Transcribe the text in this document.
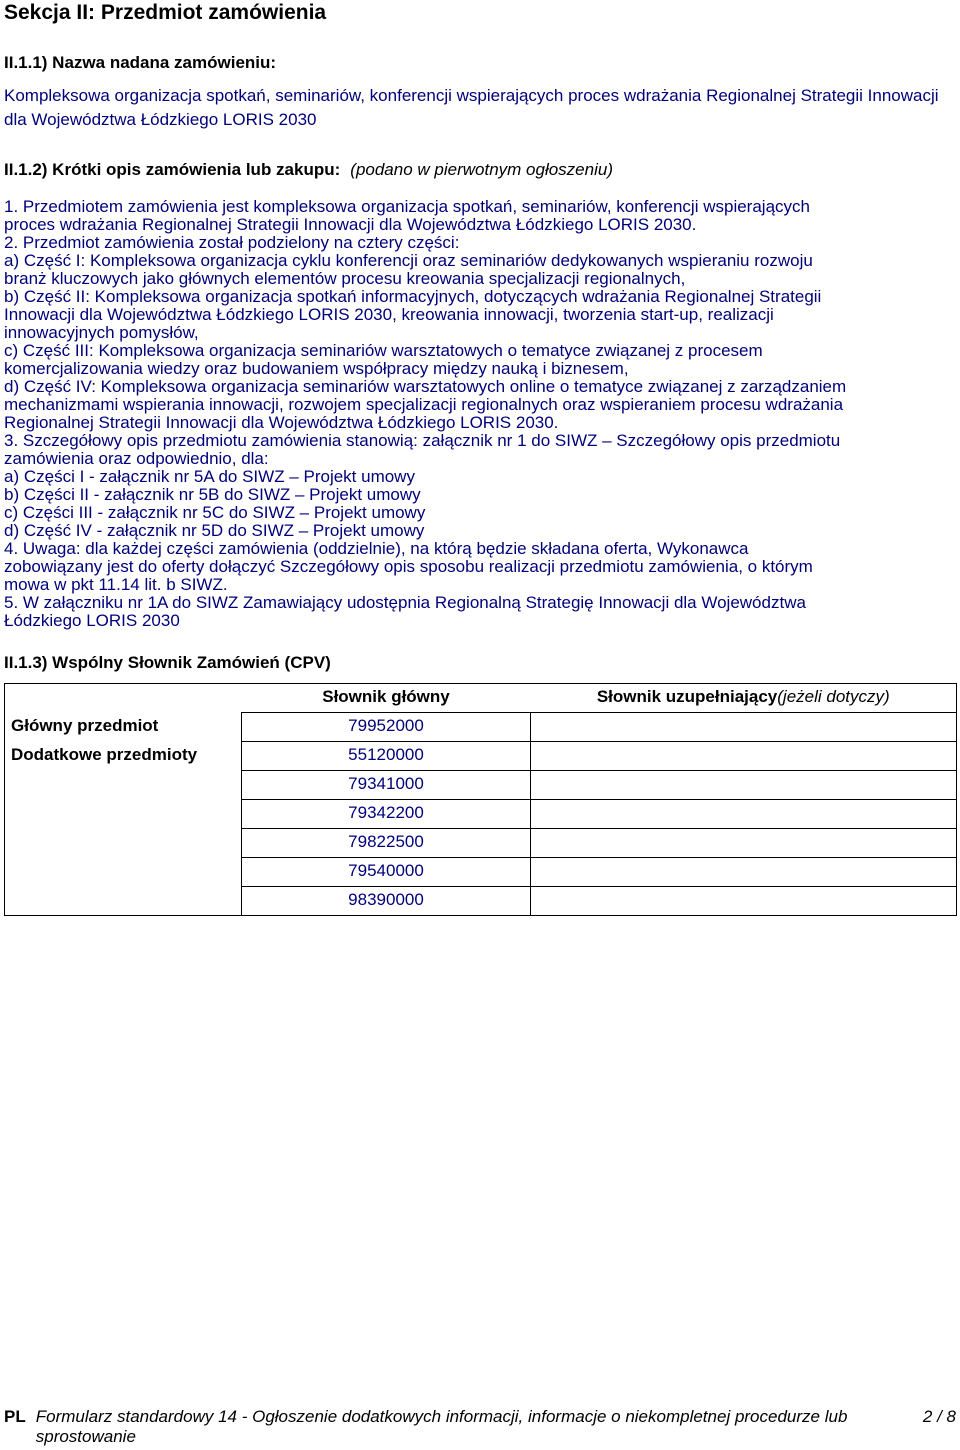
Sekcja II: Przedmiot zamówienia
II.1.1) Nazwa nadana zamówieniu:
Kompleksowa organizacja spotkań, seminariów, konferencji wspierających proces wdrażania Regionalnej Strategii Innowacji dla Województwa Łódzkiego LORIS 2030
II.1.2) Krótki opis zamówienia lub zakupu: (podano w pierwotnym ogłoszeniu)
1. Przedmiotem zamówienia jest kompleksowa organizacja spotkań, seminariów, konferencji wspierających
proces wdrażania Regionalnej Strategii Innowacji dla Województwa Łódzkiego LORIS 2030.
2. Przedmiot zamówienia został podzielony na cztery części:
a) Część I: Kompleksowa organizacja cyklu konferencji oraz seminariów dedykowanych wspieraniu rozwoju
branż kluczowych jako głównych elementów procesu kreowania specjalizacji regionalnych,
b) Część II: Kompleksowa organizacja spotkań informacyjnych, dotyczących wdrażania Regionalnej Strategii
Innowacji dla Województwa Łódzkiego LORIS 2030, kreowania innowacji, tworzenia start-up, realizacji
innowacyjnych pomysłów,
c) Część III: Kompleksowa organizacja seminariów warsztatowych o tematyce związanej z procesem
komercjalizowania wiedzy oraz budowaniem współpracy między nauką i biznesem,
d) Część IV: Kompleksowa organizacja seminariów warsztatowych online o tematyce związanej z zarządzaniem
mechanizmami wspierania innowacji, rozwojem specjalizacji regionalnych oraz wspieraniem procesu wdrażania
Regionalnej Strategii Innowacji dla Województwa Łódzkiego LORIS 2030.
3. Szczegółowy opis przedmiotu zamówienia stanowią: załącznik nr 1 do SIWZ – Szczegółowy opis przedmiotu
zamówienia oraz odpowiednio, dla:
a) Części I - załącznik nr 5A do SIWZ – Projekt umowy
b) Części II - załącznik nr 5B do SIWZ – Projekt umowy
c) Części III - załącznik nr 5C do SIWZ – Projekt umowy
d) Część IV - załącznik nr 5D do SIWZ – Projekt umowy
4. Uwaga: dla każdej części zamówienia (oddzielnie), na którą będzie składana oferta, Wykonawca
zobowiązany jest do oferty dołączyć Szczegółowy opis sposobu realizacji przedmiotu zamówienia, o którym
mowa w pkt 11.14 lit. b SIWZ.
5. W załączniku nr 1A do SIWZ Zamawiający udostępnia Regionalną Strategię Innowacji dla Województwa
Łódzkiego LORIS 2030
II.1.3) Wspólny Słownik Zamówień (CPV)
	Słownik główny	Słownik uzupełniający(jeżeli dotyczy)
Główny przedmiot	79952000	
Dodatkowe przedmioty	55120000	
	79341000	
	79342200	
	79822500	
	79540000	
	98390000	
PL Formularz standardowy 14 - Ogłoszenie dodatkowych informacji, informacje o niekompletnej procedurze lub sprostowanie
2 / 8
